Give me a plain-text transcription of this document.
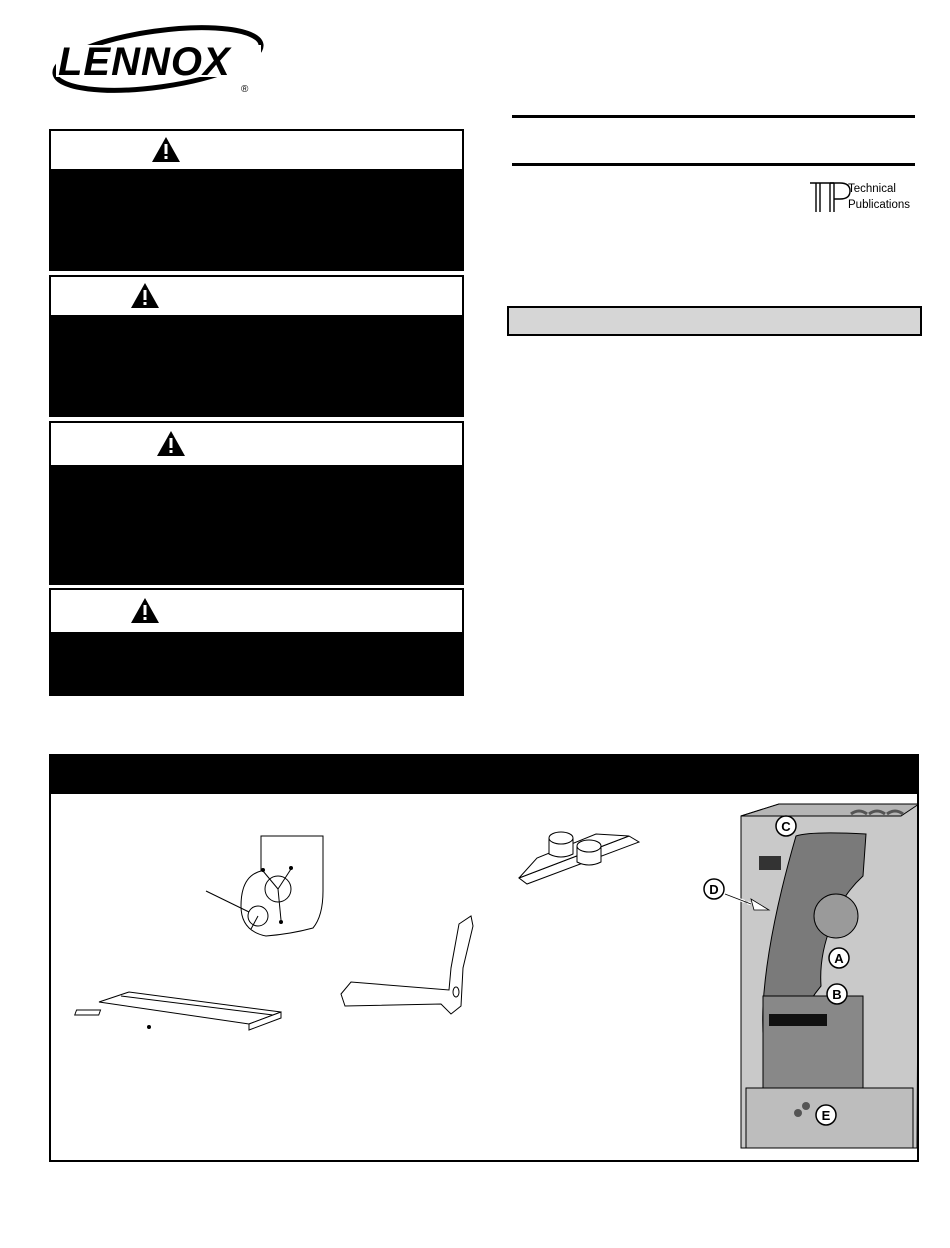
LENNOX
®
Technical
Publications
A
B
C
D
E
